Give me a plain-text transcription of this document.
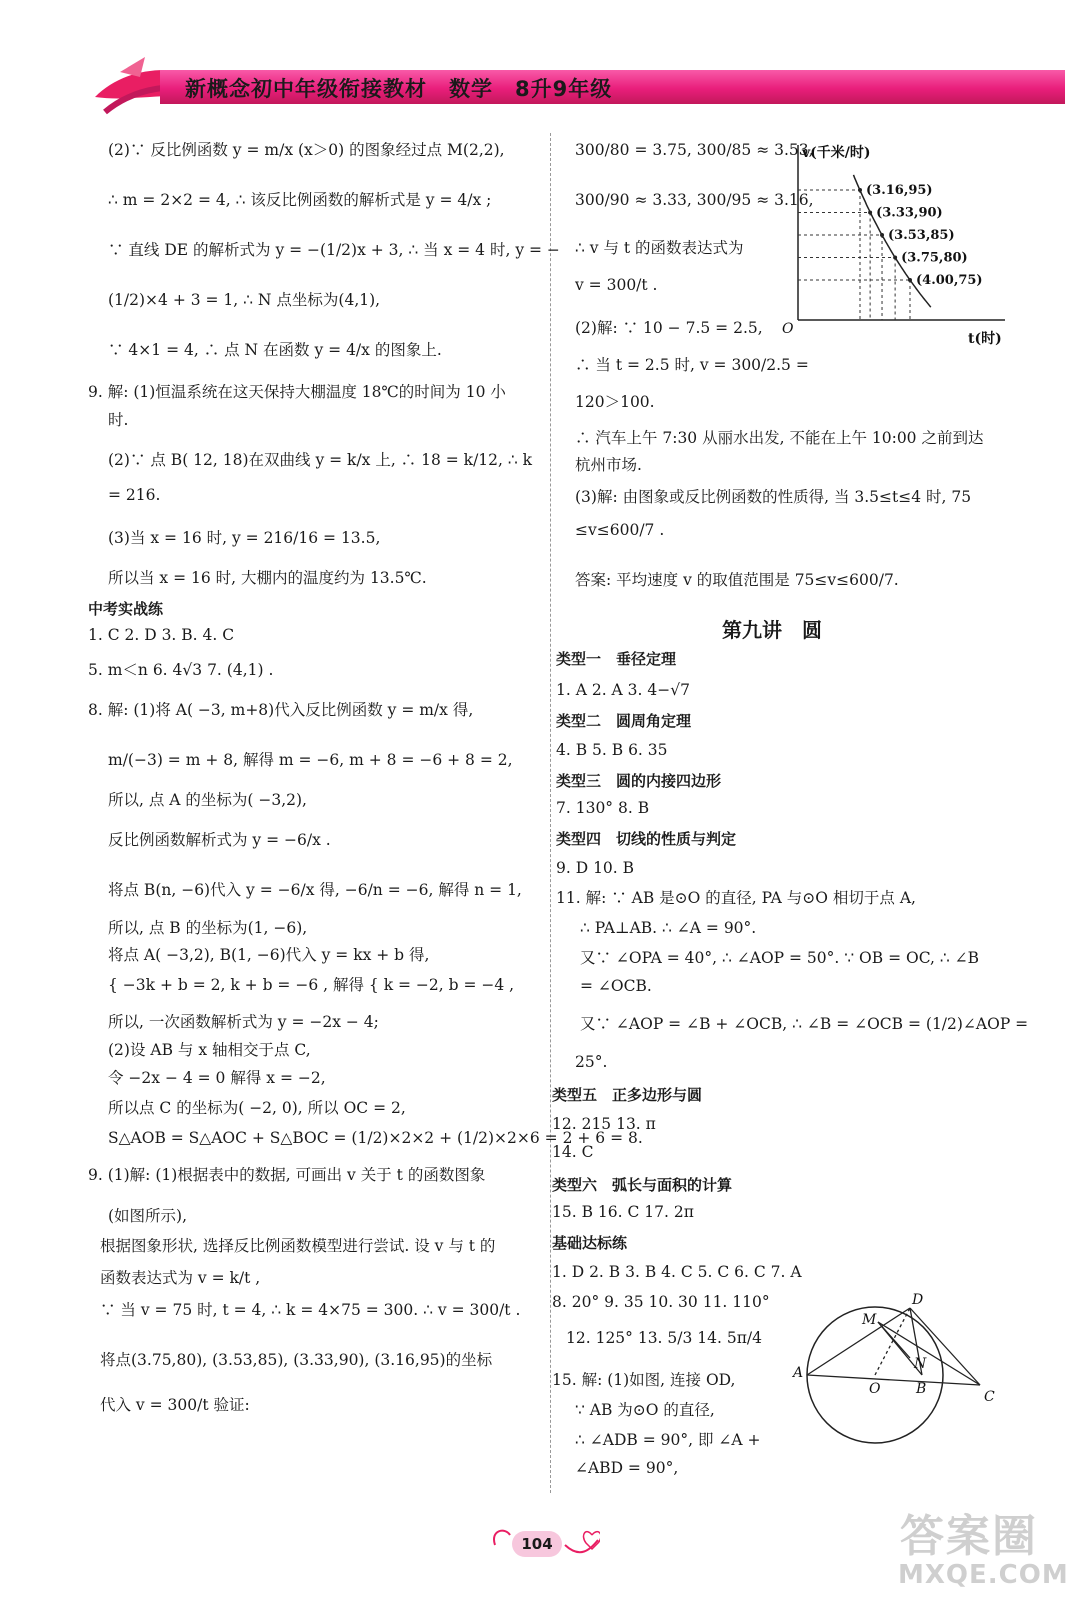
新概念初中年级衔接教材　数学　8升9年级
(2)∵ 反比例函数 y = m/x (x＞0) 的图象经过点 M(2,2),
∴ m = 2×2 = 4, ∴ 该反比例函数的解析式是 y = 4/x ;
∵ 直线 DE 的解析式为 y = −(1/2)x + 3, ∴ 当 x = 4 时, y = −
(1/2)×4 + 3 = 1, ∴ N 点坐标为(4,1),
∵ 4×1 = 4, ∴ 点 N 在函数 y = 4/x 的图象上.
9. 解: (1)恒温系统在这天保持大棚温度 18℃的时间为 10 小
时.
(2)∵ 点 B( 12, 18)在双曲线 y = k/x 上, ∴ 18 = k/12, ∴ k
= 216.
(3)当 x = 16 时, y = 216/16 = 13.5,
所以当 x = 16 时, 大棚内的温度约为 13.5℃.
1. C 2. D 3. B. 4. C
5. m＜n 6. 4√3 7. (4,1) .
8. 解: (1)将 A( −3, m+8)代入反比例函数 y = m/x 得,
m/(−3) = m + 8, 解得 m = −6, m + 8 = −6 + 8 = 2,
所以, 点 A 的坐标为( −3,2),
反比例函数解析式为 y = −6/x .
将点 B(n, −6)代入 y = −6/x 得, −6/n = −6, 解得 n = 1,
所以, 点 B 的坐标为(1, −6),
将点 A( −3,2), B(1, −6)代入 y = kx + b 得,
{ −3k + b = 2, k + b = −6 , 解得 { k = −2, b = −4 ,
所以, 一次函数解析式为 y = −2x − 4;
(2)设 AB 与 x 轴相交于点 C,
令 −2x − 4 = 0 解得 x = −2,
所以点 C 的坐标为( −2, 0), 所以 OC = 2,
S△AOB = S△AOC + S△BOC = (1/2)×2×2 + (1/2)×2×6 = 2 + 6 = 8.
9. (1)解: (1)根据表中的数据, 可画出 v 关于 t 的函数图象
(如图所示),
根据图象形状, 选择反比例函数模型进行尝试. 设 v 与 t 的
函数表达式为 v = k/t ,
∵ 当 v = 75 时, t = 4, ∴ k = 4×75 = 300. ∴ v = 300/t .
将点(3.75,80), (3.53,85), (3.33,90), (3.16,95)的坐标
代入 v = 300/t 验证:
中考实战练
300/80 = 3.75, 300/85 ≈ 3.53,
300/90 ≈ 3.33, 300/95 ≈ 3.16,
∴ v 与 t 的函数表达式为
v = 300/t .
(2)解: ∵ 10 − 7.5 = 2.5,
∴ 当 t = 2.5 时, v = 300/2.5 =
120＞100.
∴ 汽车上午 7:30 从丽水出发, 不能在上午 10:00 之前到达
杭州市场.
(3)解: 由图象或反比例函数的性质得, 当 3.5≤t≤4 时, 75
≤v≤600/7 .
答案: 平均速度 v 的取值范围是 75≤v≤600/7.
第九讲　圆
类型一　垂径定理
1. A 2. A 3. 4−√7
类型二　圆周角定理
4. B 5. B 6. 35
类型三　圆的内接四边形
7. 130° 8. B
类型四　切线的性质与判定
9. D 10. B
11. 解: ∵ AB 是⊙O 的直径, PA 与⊙O 相切于点 A,
∴ PA⊥AB. ∴ ∠A = 90°.
又∵ ∠OPA = 40°, ∴ ∠AOP = 50°. ∵ OB = OC, ∴ ∠B
= ∠OCB.
又∵ ∠AOP = ∠B + ∠OCB, ∴ ∠B = ∠OCB = (1/2)∠AOP =
25°.
类型五　正多边形与圆
12. 215 13. π
14. C
类型六　弧长与面积的计算
15. B 16. C 17. 2π
基础达标练
1. D 2. B 3. B 4. C 5. C 6. C 7. A
8. 20° 9. 35 10. 30 11. 110°
12. 125° 13. 5/3 14. 5π/4
15. 解: (1)如图, 连接 OD,
∵ AB 为⊙O 的直径,
∴ ∠ADB = 90°, 即 ∠A +
∠ABD = 90°,
(3.16,95)
(3.33,90)
(3.53,85)
(3.75,80)
(4.00,75)
v(千米/时)
t(时)
O
M
D
A
O
N
B	C
104	答案圈
MXQE.COM
